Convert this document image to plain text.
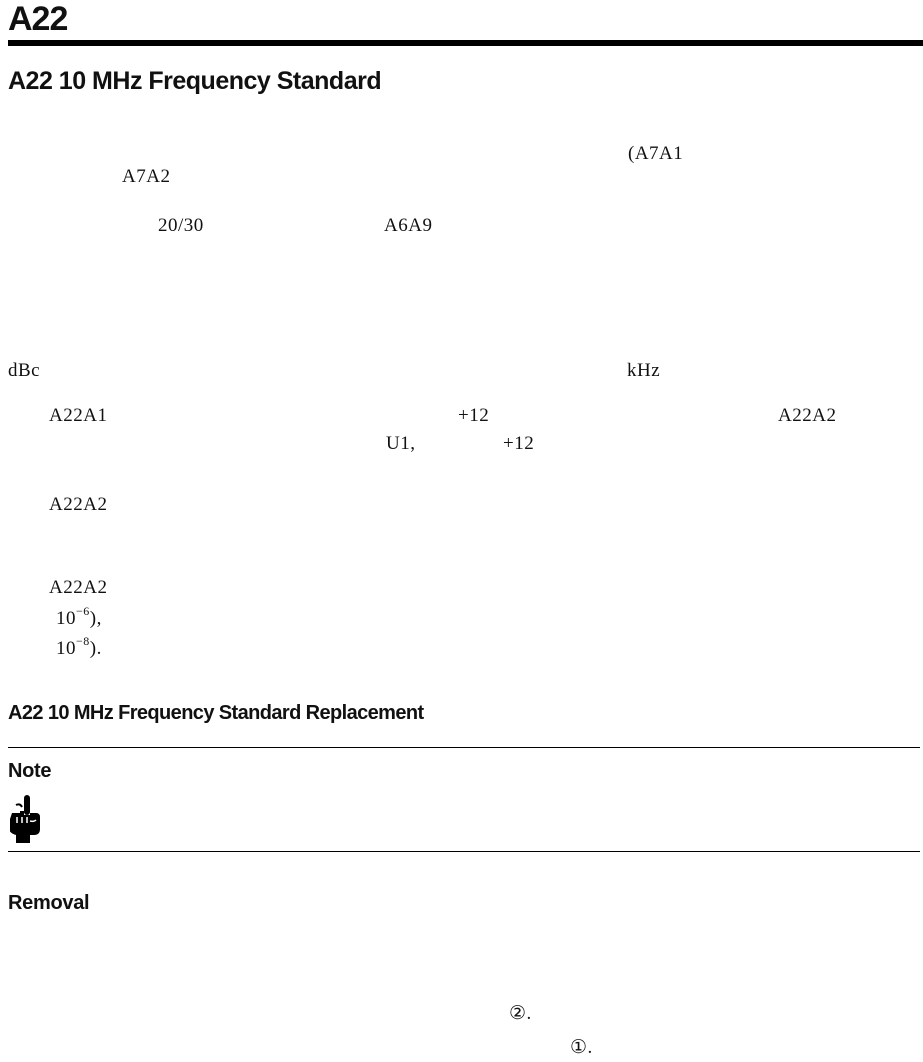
A22
A22 10 MHz Frequency Standard
(A7A1
A7A2
20/30	A6A9
dBc	kHz
A22A1	+12	A22A2
U1,	+12
A22A2
A22A2
$10^{-6}$),
$10^{-8}$).
A22 10 MHz Frequency Standard Replacement
Note
Removal
②.
①.
